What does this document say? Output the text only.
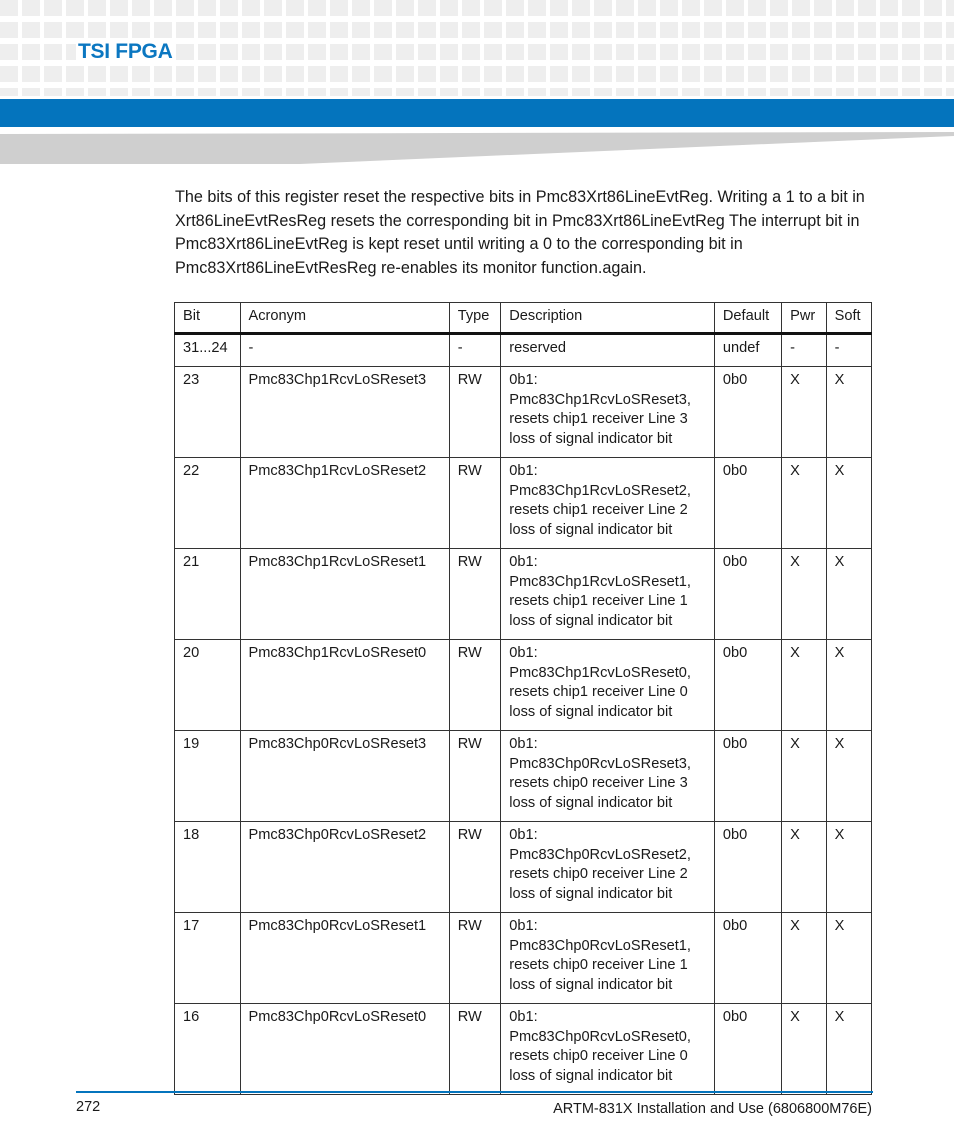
TSI FPGA

The bits of this register reset the respective bits in Pmc83Xrt86LineEvtReg. Writing a 1 to a bit in Xrt86LineEvtResReg resets the corresponding bit in Pmc83Xrt86LineEvtReg The interrupt bit in Pmc83Xrt86LineEvtReg is kept reset until writing a 0 to the corresponding bit in Pmc83Xrt86LineEvtResReg re-enables its monitor function.again.

Bit	Acronym	Type	Description	Default	Pwr	Soft
31...24	-	-	reserved	undef	-	-
23	Pmc83Chp1RcvLoSReset3	RW	0b1: Pmc83Chp1RcvLoSReset3, resets chip1 receiver Line 3 loss of signal indicator bit	0b0	X	X
22	Pmc83Chp1RcvLoSReset2	RW	0b1: Pmc83Chp1RcvLoSReset2, resets chip1 receiver Line 2 loss of signal indicator bit	0b0	X	X
21	Pmc83Chp1RcvLoSReset1	RW	0b1: Pmc83Chp1RcvLoSReset1, resets chip1 receiver Line 1 loss of signal indicator bit	0b0	X	X
20	Pmc83Chp1RcvLoSReset0	RW	0b1: Pmc83Chp1RcvLoSReset0, resets chip1 receiver Line 0 loss of signal indicator bit	0b0	X	X
19	Pmc83Chp0RcvLoSReset3	RW	0b1: Pmc83Chp0RcvLoSReset3, resets chip0 receiver Line 3 loss of signal indicator bit	0b0	X	X
18	Pmc83Chp0RcvLoSReset2	RW	0b1: Pmc83Chp0RcvLoSReset2, resets chip0 receiver Line 2 loss of signal indicator bit	0b0	X	X
17	Pmc83Chp0RcvLoSReset1	RW	0b1: Pmc83Chp0RcvLoSReset1, resets chip0 receiver Line 1 loss of signal indicator bit	0b0	X	X
16	Pmc83Chp0RcvLoSReset0	RW	0b1: Pmc83Chp0RcvLoSReset0, resets chip0 receiver Line 0 loss of signal indicator bit	0b0	X	X
272	ARTM-831X Installation and Use (6806800M76E)
